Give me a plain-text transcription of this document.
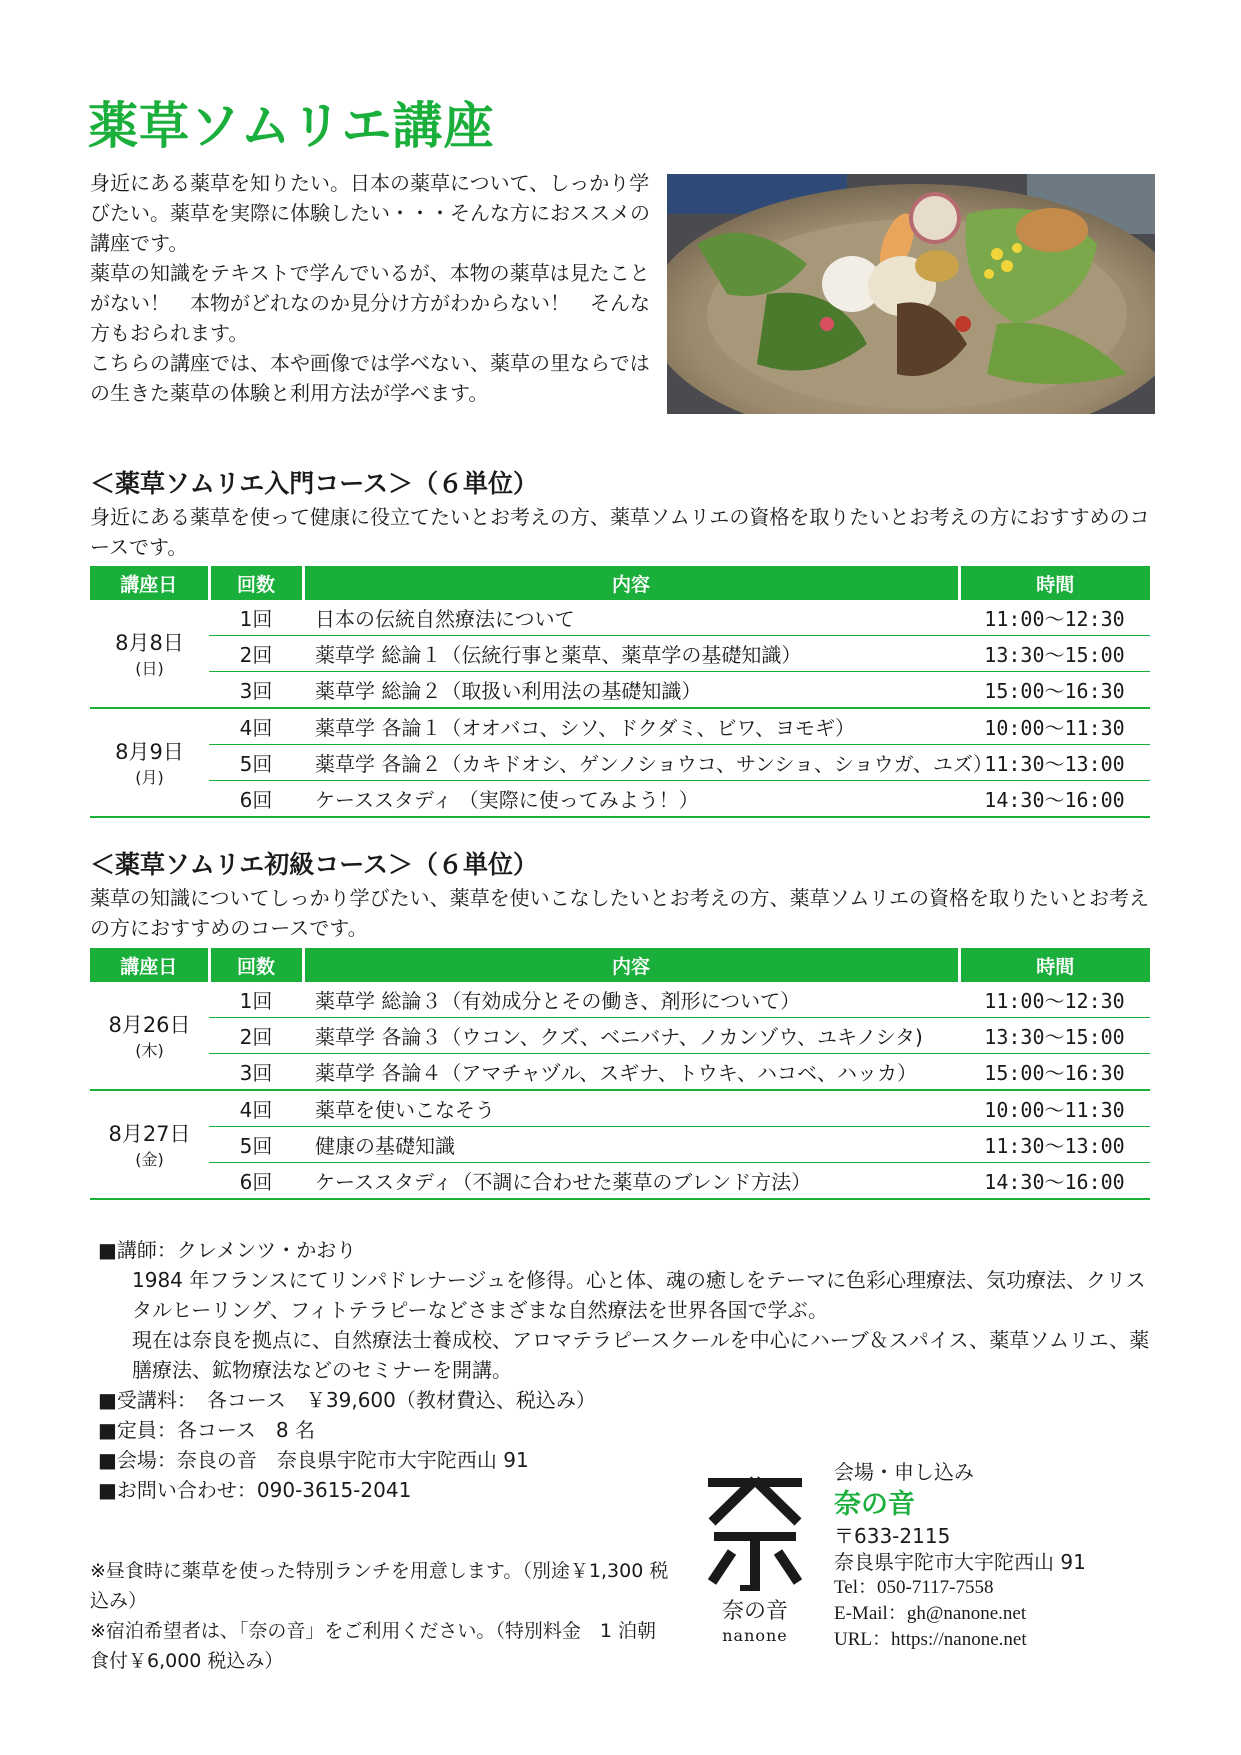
薬草ソムリエ講座

身近にある薬草を知りたい。日本の薬草について、しっかり学びたい。薬草を実際に体験したい・・・そんな方におススメの講座です。

薬草の知識をテキストで学んでいるが、本物の薬草は見たことがない！　本物がどれなのか見分け方がわからない！　そんな方もおられます。

こちらの講座では、本や画像では学べない、薬草の里ならではの生きた薬草の体験と利用方法が学べます。

＜薬草ソムリエ入門コース＞（６単位）

身近にある薬草を使って健康に役立てたいとお考えの方、薬草ソムリエの資格を取りたいとお考えの方におすすめのコースです。

講座日	回数	内容	時間

8月8日
(日)	1回	日本の伝統自然療法について	11:00～12:30
	2回	薬草学 総論１（伝統行事と薬草、薬草学の基礎知識）	13:30～15:00
	3回	薬草学 総論２（取扱い利用法の基礎知識）	15:00～16:30

8月9日
(月)	4回	薬草学 各論１（オオバコ、シソ、ドクダミ、ビワ、ヨモギ）	10:00～11:30
	5回	薬草学 各論２（カキドオシ、ゲンノショウコ、サンショ、ショウガ、ユズ）	11:30～13:00
	6回	ケーススタディ （実際に使ってみよう！）	14:30～16:00
＜薬草ソムリエ初級コース＞（６単位）

薬草の知識についてしっかり学びたい、薬草を使いこなしたいとお考えの方、薬草ソムリエの資格を取りたいとお考えの方におすすめのコースです。

講座日	回数	内容	時間

8月26日
(木)	1回	薬草学 総論３（有効成分とその働き、剤形について）	11:00～12:30
	2回	薬草学 各論３（ウコン、クズ、ベニバナ、ノカンゾウ、ユキノシタ)	13:30～15:00
	3回	薬草学 各論４（アマチャヅル、スギナ、トウキ、ハコベ、ハッカ）	15:00～16:30

8月27日
(金)	4回	薬草を使いこなそう	10:00～11:30
	5回	健康の基礎知識	11:30～13:00
	6回	ケーススタディ（不調に合わせた薬草のブレンド方法）	14:30～16:00

■講師：クレメンツ・かおり

1984 年フランスにてリンパドレナージュを修得。心と体、魂の癒しをテーマに色彩心理療法、気功療法、クリスタルヒーリング、フィトテラピーなどさまざまな自然療法を世界各国で学ぶ。

現在は奈良を拠点に、自然療法士養成校、アロマテラピースクールを中心にハーブ＆スパイス、薬草ソムリエ、薬膳療法、鉱物療法などのセミナーを開講。

■受講料：　各コース　￥39,600（教材費込、税込み）

■定員：各コース　8 名

■会場：奈良の音　奈良県宇陀市大宇陀西山 91

■お問い合わせ：090-3615-2041

※昼食時に薬草を使った特別ランチを用意します。（別途￥1,300 税込み）

※宿泊希望者は、「奈の音」をご利用ください。（特別料金　1 泊朝食付￥6,000 税込み）

奈の音
nanone
会場・申し込み
奈の音
〒633-2115
奈良県宇陀市大宇陀西山 91
Tel：050-7117-7558
E-Mail：gh@nanone.net
URL：https://nanone.net
